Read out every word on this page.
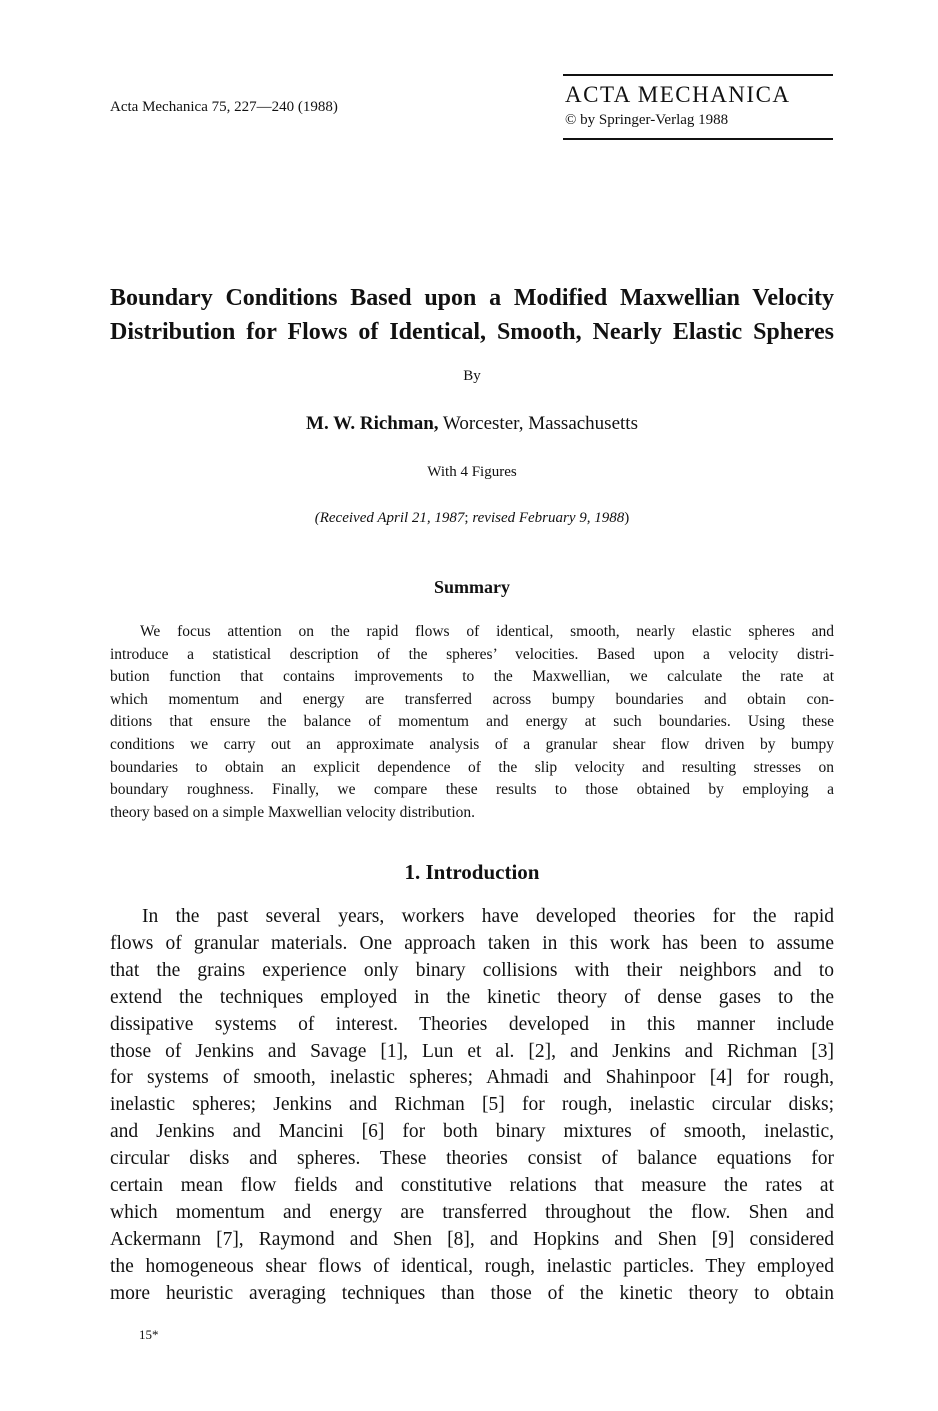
Acta Mechanica 75, 227—240 (1988)	ACTA MECHANICA
© by Springer-Verlag 1988
Boundary Conditions Based upon a Modified Maxwellian Velocity
Distribution for Flows of Identical, Smooth, Nearly Elastic Spheres
By
M. W. Richman, Worcester, Massachusetts
With 4 Figures
(Received April 21, 1987; revised February 9, 1988)
Summary
We focus attention on the rapid flows of identical, smooth, nearly elastic spheres and
introduce a statistical description of the spheres’ velocities. Based upon a velocity distri-
bution function that contains improvements to the Maxwellian, we calculate the rate at
which momentum and energy are transferred across bumpy boundaries and obtain con-
ditions that ensure the balance of momentum and energy at such boundaries. Using these
conditions we carry out an approximate analysis of a granular shear flow driven by bumpy
boundaries to obtain an explicit dependence of the slip velocity and resulting stresses on
boundary roughness. Finally, we compare these results to those obtained by employing a
theory based on a simple Maxwellian velocity distribution.
1. Introduction
In the past several years, workers have developed theories for the rapid
flows of granular materials. One approach taken in this work has been to assume
that the grains experience only binary collisions with their neighbors and to
extend the techniques employed in the kinetic theory of dense gases to the
dissipative systems of interest. Theories developed in this manner include
those of Jenkins and Savage [1], Lun et al. [2], and Jenkins and Richman [3]
for systems of smooth, inelastic spheres; Ahmadi and Shahinpoor [4] for rough,
inelastic spheres; Jenkins and Richman [5] for rough, inelastic circular disks;
and Jenkins and Mancini [6] for both binary mixtures of smooth, inelastic,
circular disks and spheres. These theories consist of balance equations for
certain mean flow fields and constitutive relations that measure the rates at
which momentum and energy are transferred throughout the flow. Shen and
Ackermann [7], Raymond and Shen [8], and Hopkins and Shen [9] considered
the homogeneous shear flows of identical, rough, inelastic particles. They employed
more heuristic averaging techniques than those of the kinetic theory to obtain
15*
